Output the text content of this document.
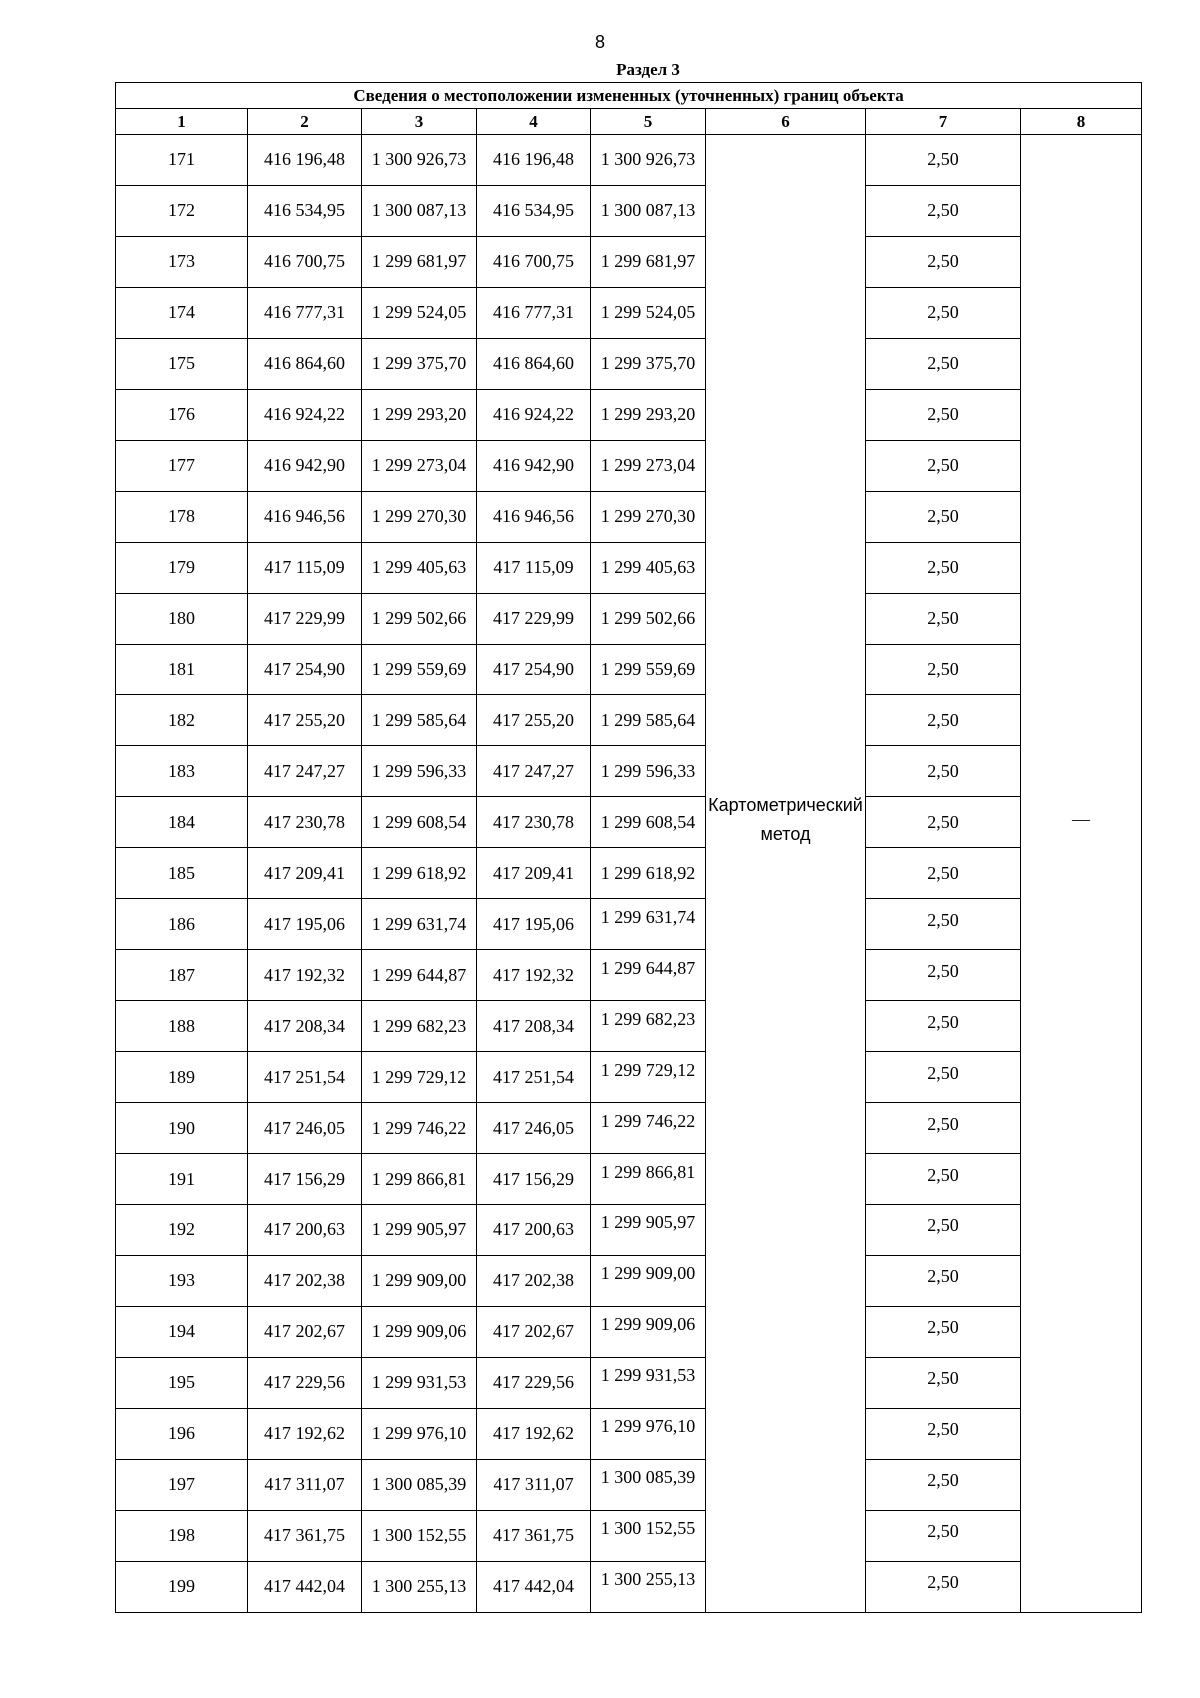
8
Раздел 3
Сведения о местоположении измененных (уточненных) границ объекта							
1	2	3	4	5	6	7	8
171	416 196,48	1 300 926,73	416 196,48	1 300 926,73	Картометрический метод	2,50	—
172	416 534,95	1 300 087,13	416 534,95	1 300 087,13		2,50	
173	416 700,75	1 299 681,97	416 700,75	1 299 681,97		2,50	
174	416 777,31	1 299 524,05	416 777,31	1 299 524,05		2,50	
175	416 864,60	1 299 375,70	416 864,60	1 299 375,70		2,50	
176	416 924,22	1 299 293,20	416 924,22	1 299 293,20		2,50	
177	416 942,90	1 299 273,04	416 942,90	1 299 273,04		2,50	
178	416 946,56	1 299 270,30	416 946,56	1 299 270,30		2,50	
179	417 115,09	1 299 405,63	417 115,09	1 299 405,63		2,50	
180	417 229,99	1 299 502,66	417 229,99	1 299 502,66		2,50	
181	417 254,90	1 299 559,69	417 254,90	1 299 559,69		2,50	
182	417 255,20	1 299 585,64	417 255,20	1 299 585,64		2,50	
183	417 247,27	1 299 596,33	417 247,27	1 299 596,33		2,50	
184	417 230,78	1 299 608,54	417 230,78	1 299 608,54		2,50	
185	417 209,41	1 299 618,92	417 209,41	1 299 618,92		2,50	
186	417 195,06	1 299 631,74	417 195,06	1 299 631,74		2,50	
187	417 192,32	1 299 644,87	417 192,32	1 299 644,87		2,50	
188	417 208,34	1 299 682,23	417 208,34	1 299 682,23		2,50	
189	417 251,54	1 299 729,12	417 251,54	1 299 729,12		2,50	
190	417 246,05	1 299 746,22	417 246,05	1 299 746,22		2,50	
191	417 156,29	1 299 866,81	417 156,29	1 299 866,81		2,50	
192	417 200,63	1 299 905,97	417 200,63	1 299 905,97		2,50	
193	417 202,38	1 299 909,00	417 202,38	1 299 909,00		2,50	
194	417 202,67	1 299 909,06	417 202,67	1 299 909,06		2,50	
195	417 229,56	1 299 931,53	417 229,56	1 299 931,53		2,50	
196	417 192,62	1 299 976,10	417 192,62	1 299 976,10		2,50	
197	417 311,07	1 300 085,39	417 311,07	1 300 085,39		2,50	
198	417 361,75	1 300 152,55	417 361,75	1 300 152,55		2,50	
199	417 442,04	1 300 255,13	417 442,04	1 300 255,13		2,50	
